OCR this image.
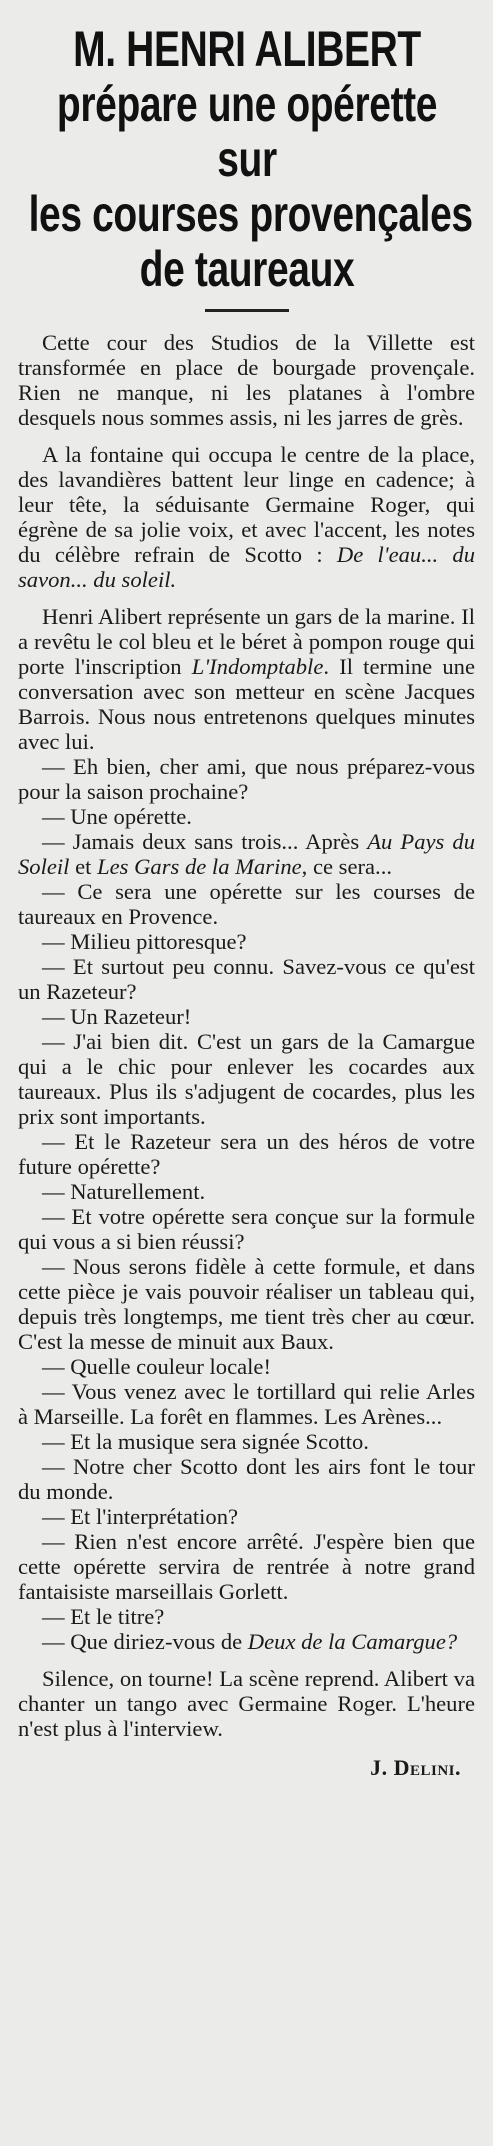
M. HENRI ALIBERT
prépare une opérette
sur
les courses provençales
de taureaux

Cette cour des Studios de la Villette est transformée en place de bourgade provençale. Rien ne manque, ni les platanes à l'ombre desquels nous sommes assis, ni les jarres de grès.

A la fontaine qui occupa le centre de la place, des lavandières battent leur linge en cadence; à leur tête, la séduisante Germaine Roger, qui égrène de sa jolie voix, et avec l'accent, les notes du célèbre refrain de Scotto : De l'eau... du savon... du soleil.

Henri Alibert représente un gars de la marine. Il a revêtu le col bleu et le béret à pompon rouge qui porte l'inscription L'Indomptable. Il termine une conversation avec son metteur en scène Jacques Barrois. Nous nous entretenons quelques minutes avec lui.

— Eh bien, cher ami, que nous préparez-vous pour la saison prochaine?

— Une opérette.

— Jamais deux sans trois... Après Au Pays du Soleil et Les Gars de la Marine, ce sera...

— Ce sera une opérette sur les courses de taureaux en Provence.

— Milieu pittoresque?

— Et surtout peu connu. Savez-vous ce qu'est un Razeteur?

— Un Razeteur!

— J'ai bien dit. C'est un gars de la Camargue qui a le chic pour enlever les cocardes aux taureaux. Plus ils s'adjugent de cocardes, plus les prix sont importants.

— Et le Razeteur sera un des héros de votre future opérette?

— Naturellement.

— Et votre opérette sera conçue sur la formule qui vous a si bien réussi?

— Nous serons fidèle à cette formule, et dans cette pièce je vais pouvoir réaliser un tableau qui, depuis très longtemps, me tient très cher au cœur. C'est la messe de minuit aux Baux.

— Quelle couleur locale!

— Vous venez avec le tortillard qui relie Arles à Marseille. La forêt en flammes. Les Arènes...

— Et la musique sera signée Scotto.

— Notre cher Scotto dont les airs font le tour du monde.

— Et l'interprétation?

— Rien n'est encore arrêté. J'espère bien que cette opérette servira de rentrée à notre grand fantaisiste marseillais Gorlett.

— Et le titre?

— Que diriez-vous de Deux de la Camargue?

Silence, on tourne! La scène reprend. Alibert va chanter un tango avec Germaine Roger. L'heure n'est plus à l'interview.

J. Delini.
